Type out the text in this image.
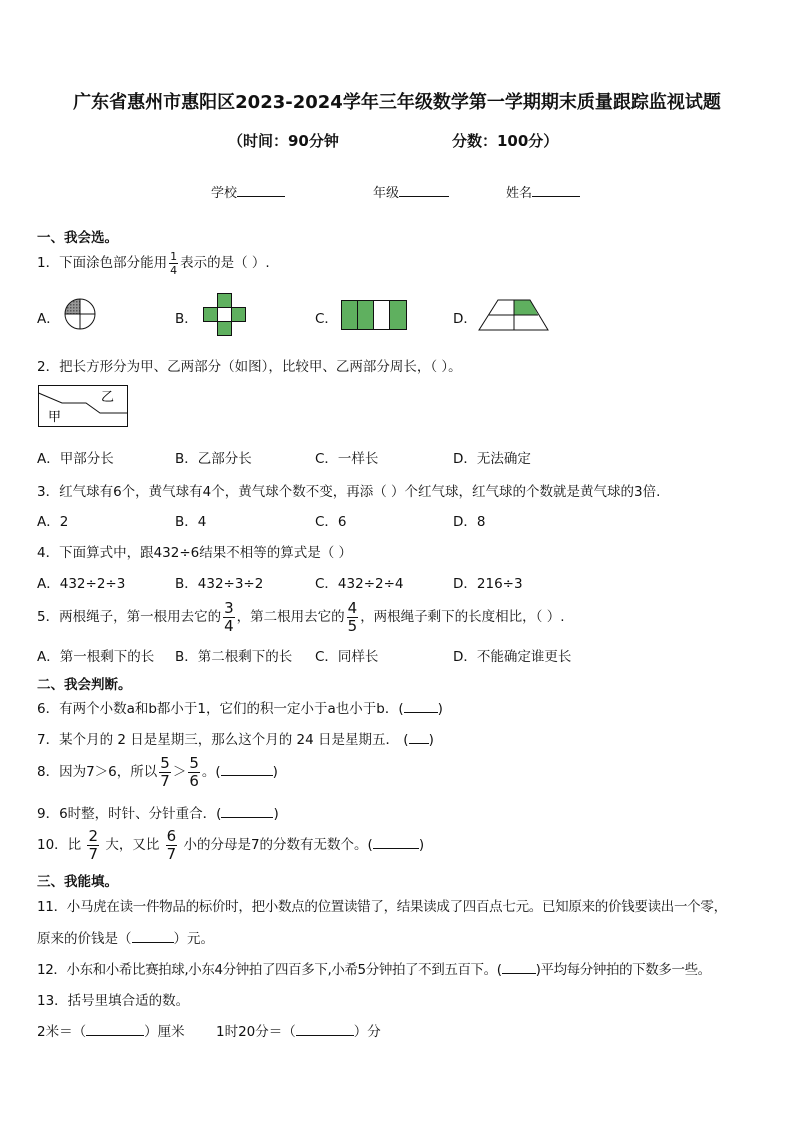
广东省惠州市惠阳区2023-2024学年三年级数学第一学期期末质量跟踪监视试题
（时间：90分钟	分数：100分）
学校	年级	姓名
一、我会选。
1．下面涂色部分能用 $\frac{1}{4}$ 表示的是（ ）.
A．	B．	C．	D．
2．把长方形分为甲、乙两部分（如图），比较甲、乙两部分周长，（ ）。
甲
乙
A．甲部分长	B．乙部分长	C．一样长	D．无法确定
3．红气球有6个，黄气球有4个，黄气球个数不变，再添（ ）个红气球，红气球的个数就是黄气球的3倍.
A．2	B．4	C．6	D．8
4．下面算式中，跟432÷6结果不相等的算式是（ ）
A．432÷2÷3	B．432÷3÷2	C．432÷2÷4	D．216÷3
5．两根绳子，第一根用去它的 $\frac{3}{4}$ ，第二根用去它的 $\frac{4}{5}$ ，两根绳子剩下的长度相比，（ ）.
A．第一根剩下的长 B．第二根剩下的长 C．同样长	D．不能确定谁更长
二、我会判断。
6．有两个小数a和b都小于1，它们的积一定小于a也小于b．(	)
7．某个月的 2 日是星期三，那么这个月的 24 日是星期五． ( )
8．因为7＞6，所以 $\frac{5}{7} > \frac{5}{6}$ 。(	)
9．6时整，时针、分针重合．(	)
10．比 $\frac{2}{7}$ 大，又比 $\frac{6}{7}$ 小的分母是7的分数有无数个。(	)
三、我能填。
11．小马虎在读一件物品的标价时，把小数点的位置读错了，结果读成了四百点七元。已知原来的价钱要读出一个零，
原来的价钱是（	）元。
12．小东和小希比赛拍球,小东4分钟拍了四百多下,小希5分钟拍了不到五百下。(	)平均每分钟拍的下数多一些。
13．括号里填合适的数。
2米＝（	）厘米 1时20分＝（	）分
